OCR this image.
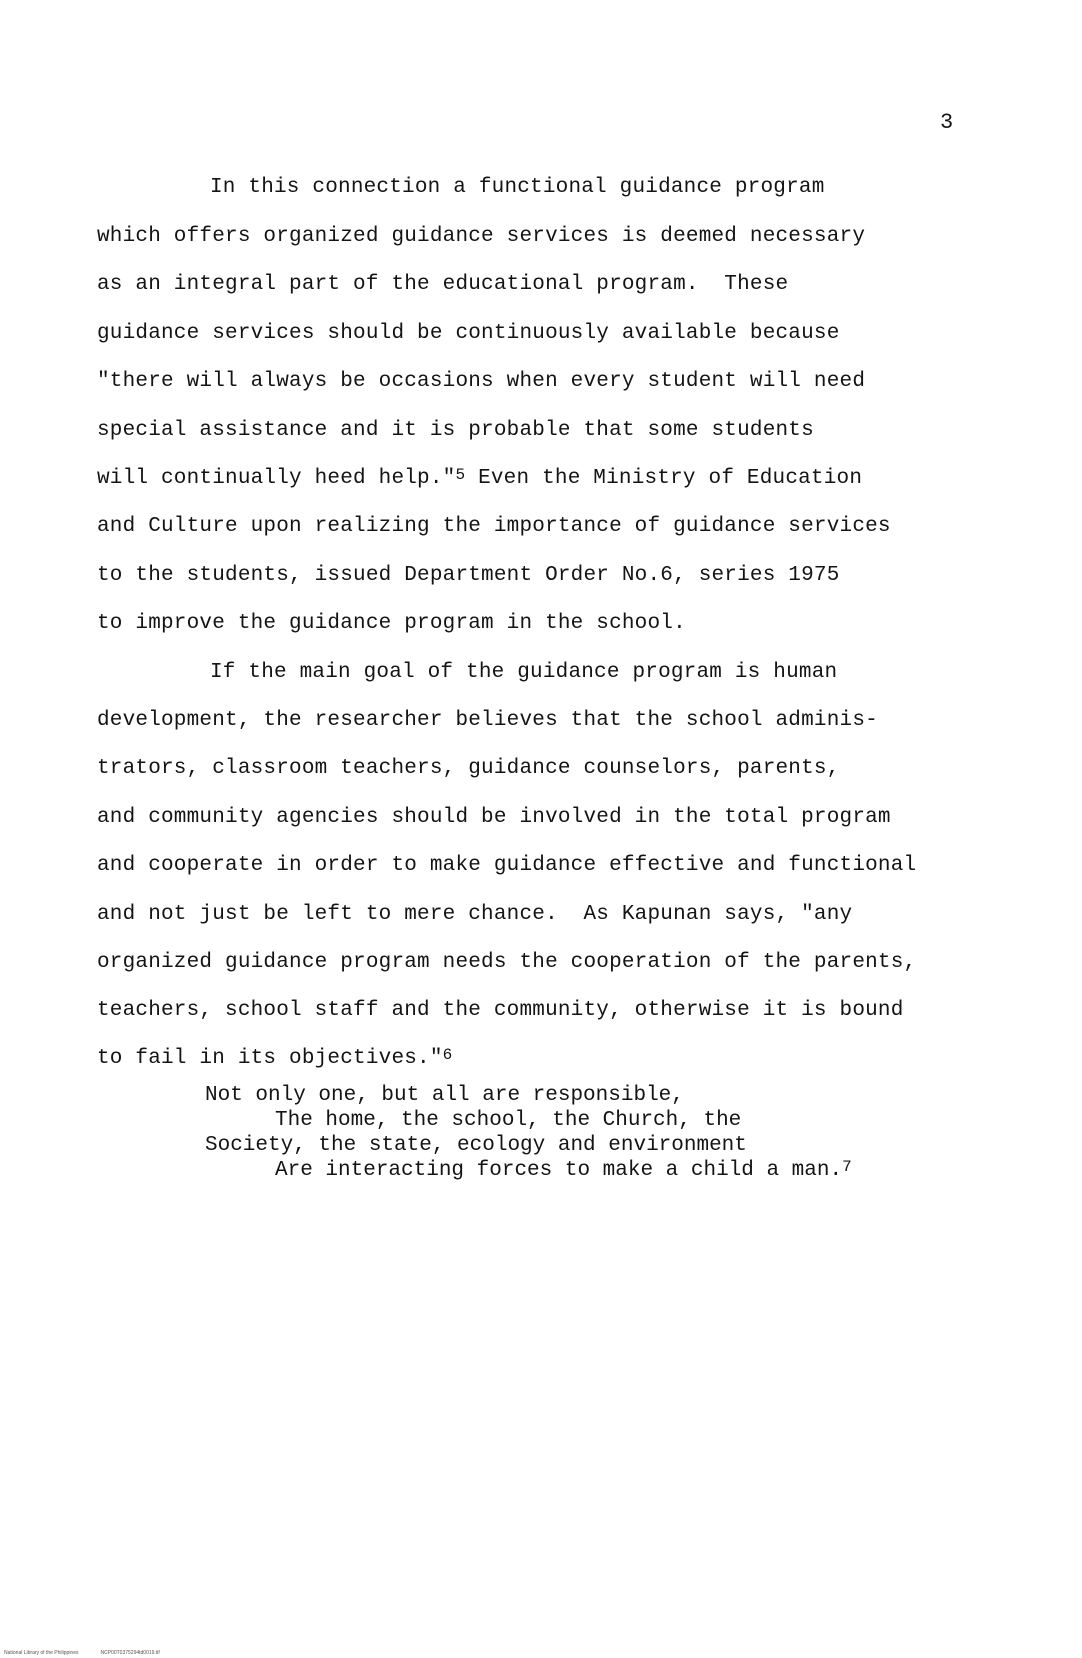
3

In this connection a functional guidance program

which offers organized guidance services is deemed necessary

as an integral part of the educational program.  These

guidance services should be continuously available because

"there will always be occasions when every student will need

special assistance and it is probable that some students

will continually heed help."$^5$ Even the Ministry of Education

and Culture upon realizing the importance of guidance services

to the students, issued Department Order No.6, series 1975

to improve the guidance program in the school.

If the main goal of the guidance program is human

development, the researcher believes that the school adminis-

trators, classroom teachers, guidance counselors, parents,

and community agencies should be involved in the total program

and cooperate in order to make guidance effective and functional

and not just be left to mere chance.  As Kapunan says, "any

organized guidance program needs the cooperation of the parents,

teachers, school staff and the community, otherwise it is bound

to fail in its objectives."$^6$

Not only one, but all are responsible,

The home, the school, the Church, the

Society, the state, ecology and environment

Are interacting forces to make a child a man.$^7$

National Library of the Philippines	NCP00T0375294td0019.tif
